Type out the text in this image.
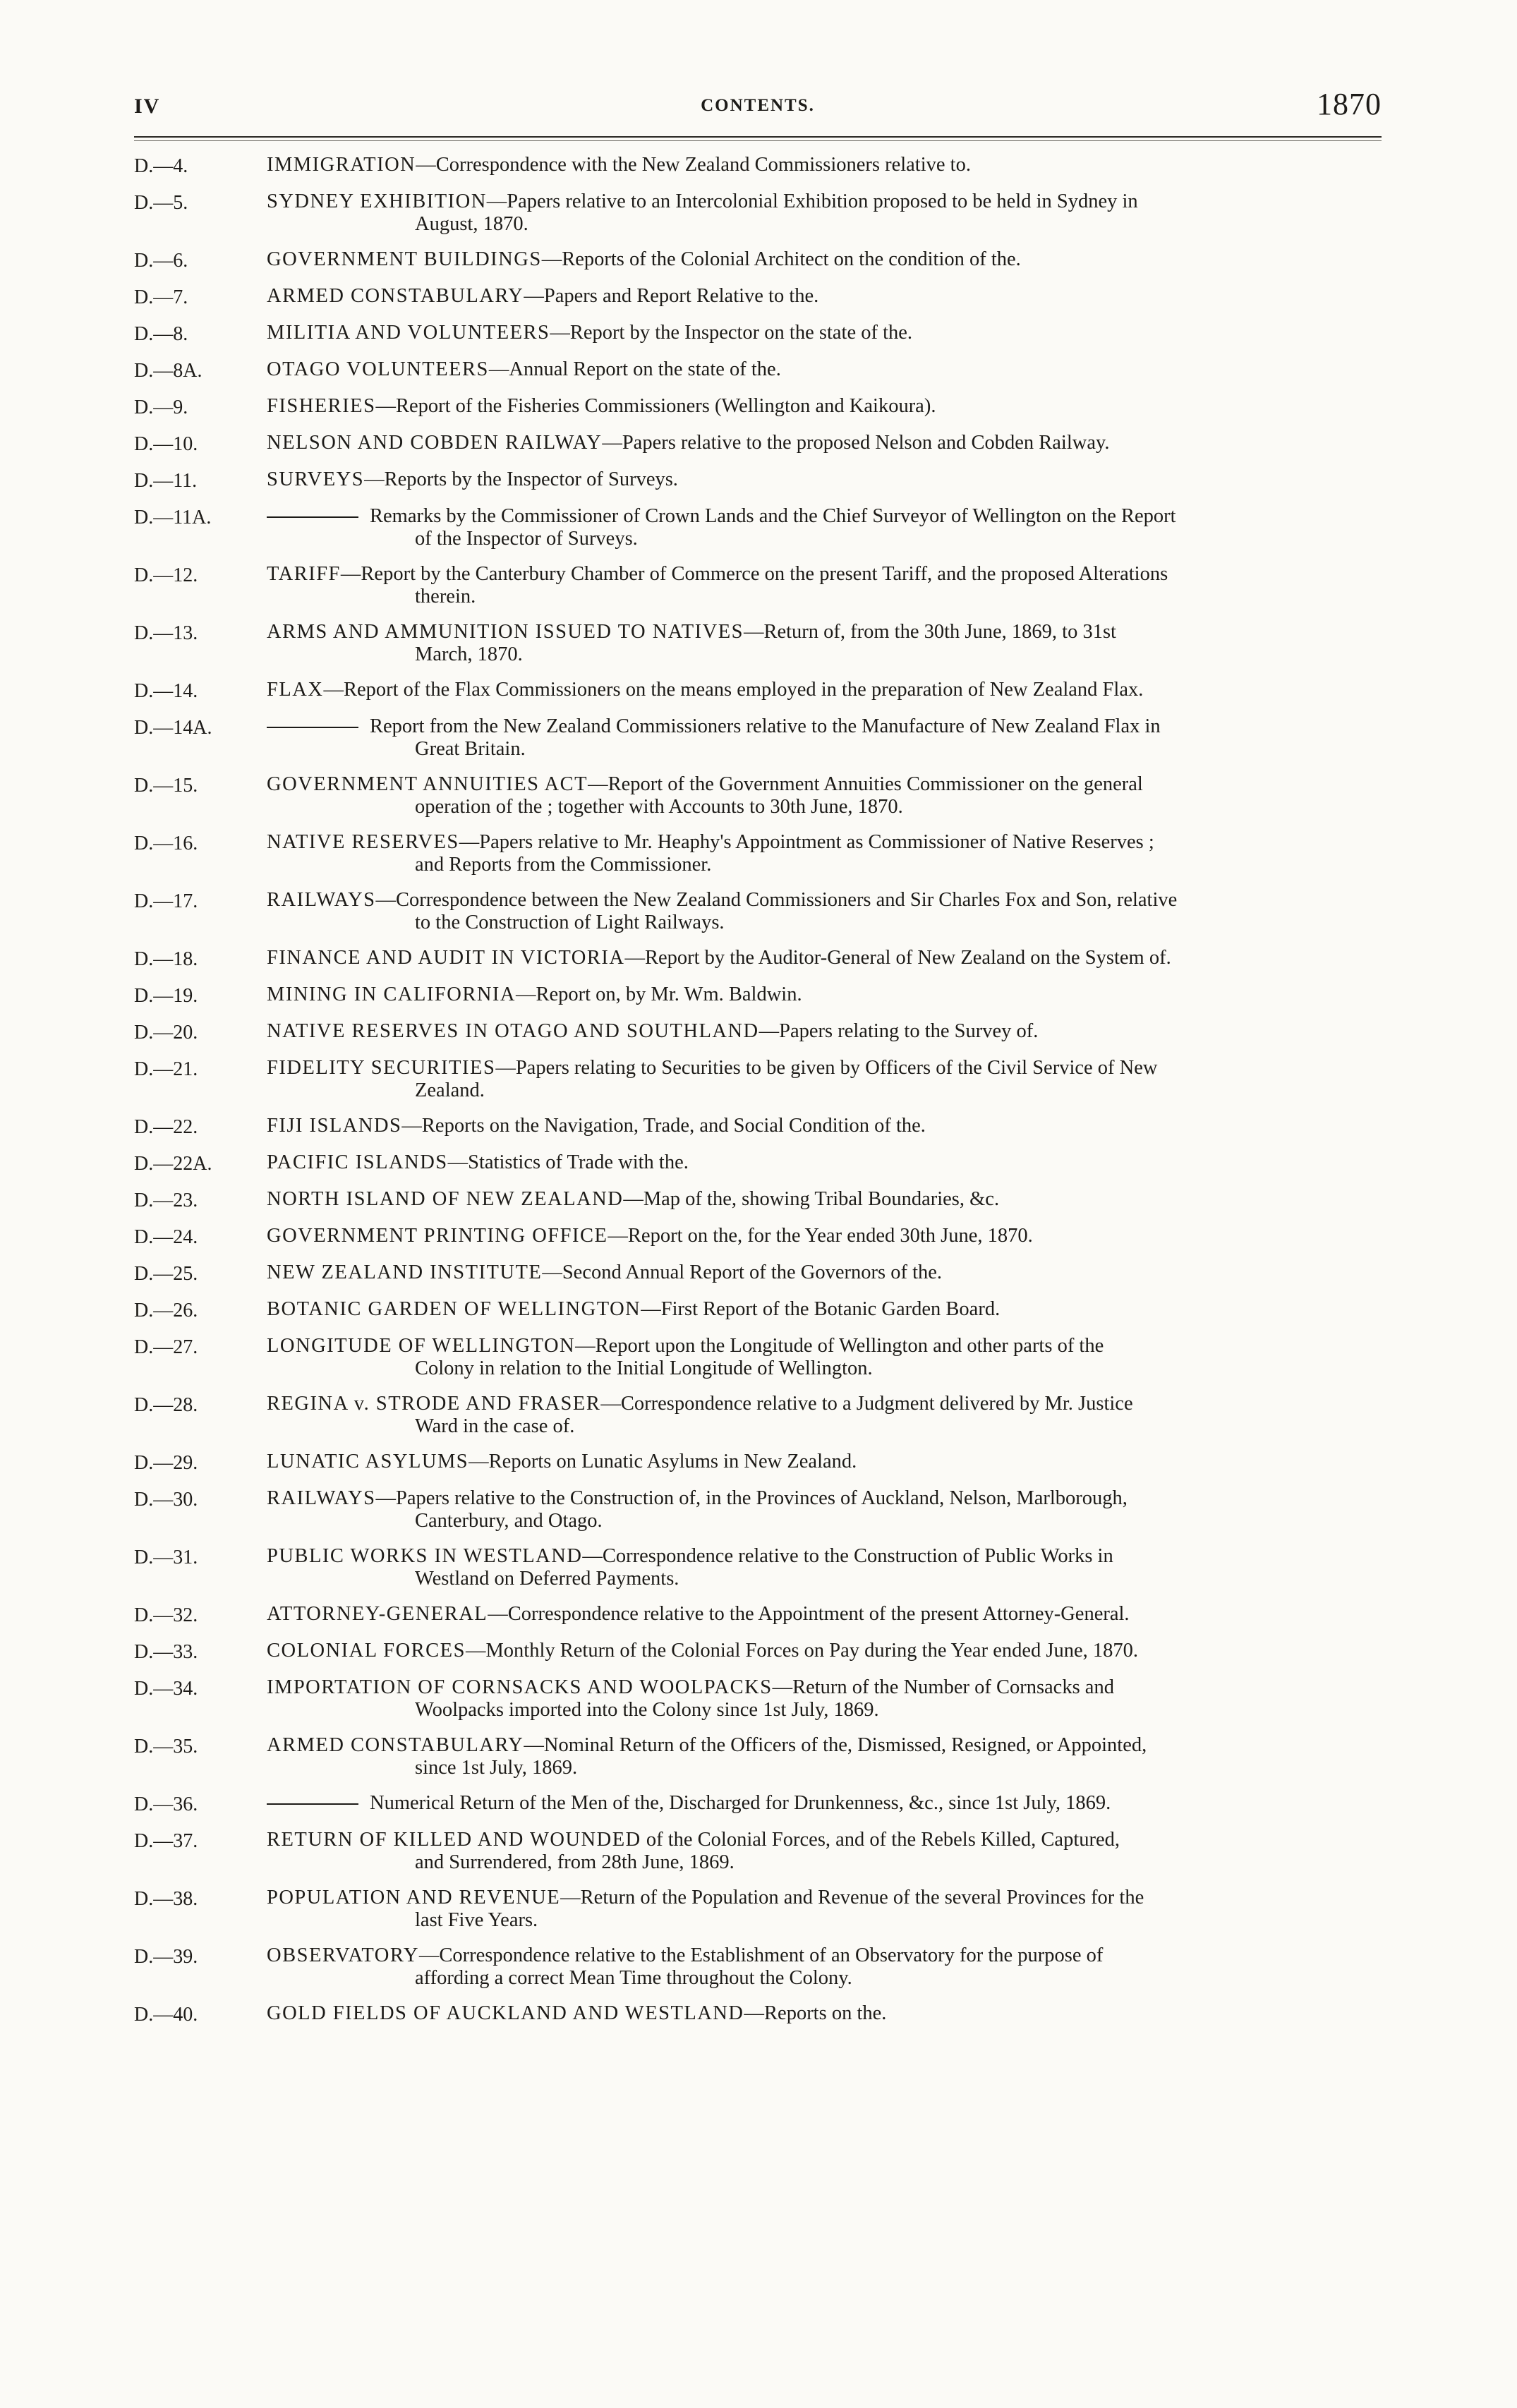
IV	CONTENTS.	1870
D.—4.	IMMIGRATION—Correspondence with the New Zealand Commissioners relative to.
D.—5.	SYDNEY EXHIBITION—Papers relative to an Intercolonial Exhibition proposed to be held in Sydney in
August, 1870.
D.—6.	GOVERNMENT BUILDINGS—Reports of the Colonial Architect on the condition of the.
D.—7.	ARMED CONSTABULARY—Papers and Report Relative to the.
D.—8.	MILITIA AND VOLUNTEERS—Report by the Inspector on the state of the.
D.—8A.	OTAGO VOLUNTEERS—Annual Report on the state of the.
D.—9.	FISHERIES—Report of the Fisheries Commissioners (Wellington and Kaikoura).
D.—10.	NELSON AND COBDEN RAILWAY—Papers relative to the proposed Nelson and Cobden Railway.
D.—11.	SURVEYS—Reports by the Inspector of Surveys.
D.—11A.	Remarks by the Commissioner of Crown Lands and the Chief Surveyor of Wellington on the Report
of the Inspector of Surveys.
D.—12.	TARIFF—Report by the Canterbury Chamber of Commerce on the present Tariff, and the proposed Alterations
therein.
D.—13.	ARMS AND AMMUNITION ISSUED TO NATIVES—Return of, from the 30th June, 1869, to 31st
March, 1870.
D.—14.	FLAX—Report of the Flax Commissioners on the means employed in the preparation of New Zealand Flax.
D.—14A.	Report from the New Zealand Commissioners relative to the Manufacture of New Zealand Flax in
Great Britain.
D.—15.	GOVERNMENT ANNUITIES ACT—Report of the Government Annuities Commissioner on the general
operation of the ; together with Accounts to 30th June, 1870.
D.—16.	NATIVE RESERVES—Papers relative to Mr. Heaphy's Appointment as Commissioner of Native Reserves ;
and Reports from the Commissioner.
D.—17.	RAILWAYS—Correspondence between the New Zealand Commissioners and Sir Charles Fox and Son, relative
to the Construction of Light Railways.
D.—18.	FINANCE AND AUDIT IN VICTORIA—Report by the Auditor-General of New Zealand on the System of.
D.—19.	MINING IN CALIFORNIA—Report on, by Mr. Wm. Baldwin.
D.—20.	NATIVE RESERVES IN OTAGO AND SOUTHLAND—Papers relating to the Survey of.
D.—21.	FIDELITY SECURITIES—Papers relating to Securities to be given by Officers of the Civil Service of New
Zealand.
D.—22.	FIJI ISLANDS—Reports on the Navigation, Trade, and Social Condition of the.
D.—22A.	PACIFIC ISLANDS—Statistics of Trade with the.
D.—23.	NORTH ISLAND OF NEW ZEALAND—Map of the, showing Tribal Boundaries, &c.
D.—24.	GOVERNMENT PRINTING OFFICE—Report on the, for the Year ended 30th June, 1870.
D.—25.	NEW ZEALAND INSTITUTE—Second Annual Report of the Governors of the.
D.—26.	BOTANIC GARDEN OF WELLINGTON—First Report of the Botanic Garden Board.
D.—27.	LONGITUDE OF WELLINGTON—Report upon the Longitude of Wellington and other parts of the
Colony in relation to the Initial Longitude of Wellington.
D.—28.	REGINA v. STRODE AND FRASER—Correspondence relative to a Judgment delivered by Mr. Justice
Ward in the case of.
D.—29.	LUNATIC ASYLUMS—Reports on Lunatic Asylums in New Zealand.
D.—30.	RAILWAYS—Papers relative to the Construction of, in the Provinces of Auckland, Nelson, Marlborough,
Canterbury, and Otago.
D.—31.	PUBLIC WORKS IN WESTLAND—Correspondence relative to the Construction of Public Works in
Westland on Deferred Payments.
D.—32.	ATTORNEY-GENERAL—Correspondence relative to the Appointment of the present Attorney-General.
D.—33.	COLONIAL FORCES—Monthly Return of the Colonial Forces on Pay during the Year ended June, 1870.
D.—34.	IMPORTATION OF CORNSACKS AND WOOLPACKS—Return of the Number of Cornsacks and
Woolpacks imported into the Colony since 1st July, 1869.
D.—35.	ARMED CONSTABULARY—Nominal Return of the Officers of the, Dismissed, Resigned, or Appointed,
since 1st July, 1869.
D.—36.	Numerical Return of the Men of the, Discharged for Drunkenness, &c., since 1st July, 1869.
D.—37.	RETURN OF KILLED AND WOUNDED of the Colonial Forces, and of the Rebels Killed, Captured,
and Surrendered, from 28th June, 1869.
D.—38.	POPULATION AND REVENUE—Return of the Population and Revenue of the several Provinces for the
last Five Years.
D.—39.	OBSERVATORY—Correspondence relative to the Establishment of an Observatory for the purpose of
affording a correct Mean Time throughout the Colony.
D.—40.	GOLD FIELDS OF AUCKLAND AND WESTLAND—Reports on the.
